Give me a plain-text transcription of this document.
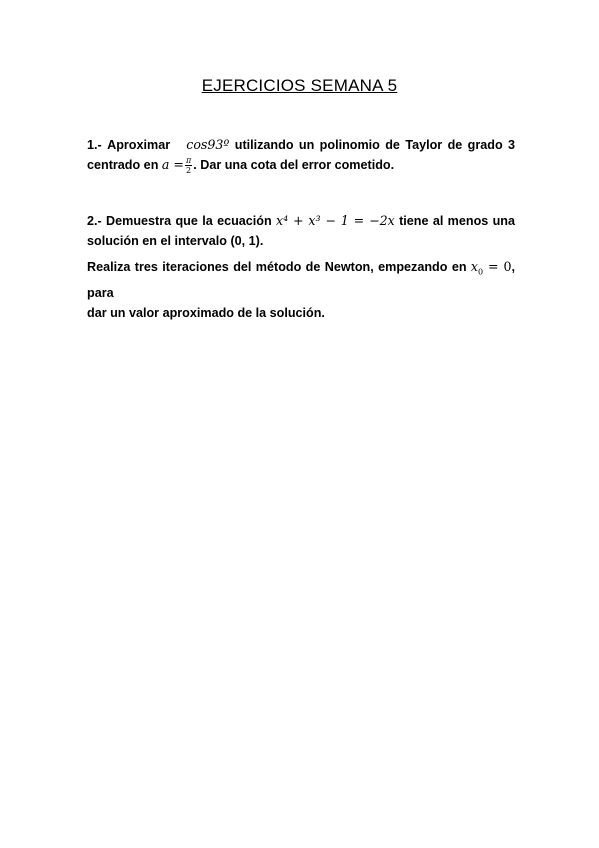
EJERCICIOS SEMANA 5
1.- Aproximar cos93º utilizando un polinomio de Taylor de grado 3
centrado en $a = \frac{\pi}{2}$ . Dar una cota del error cometido.
2.- Demuestra que la ecuación x⁴ + x³ − 1 = −2x tiene al menos una
solución en el intervalo (0, 1).
Realiza tres iteraciones del método de Newton, empezando en $x_0 = 0$, para
dar un valor aproximado de la solución.
